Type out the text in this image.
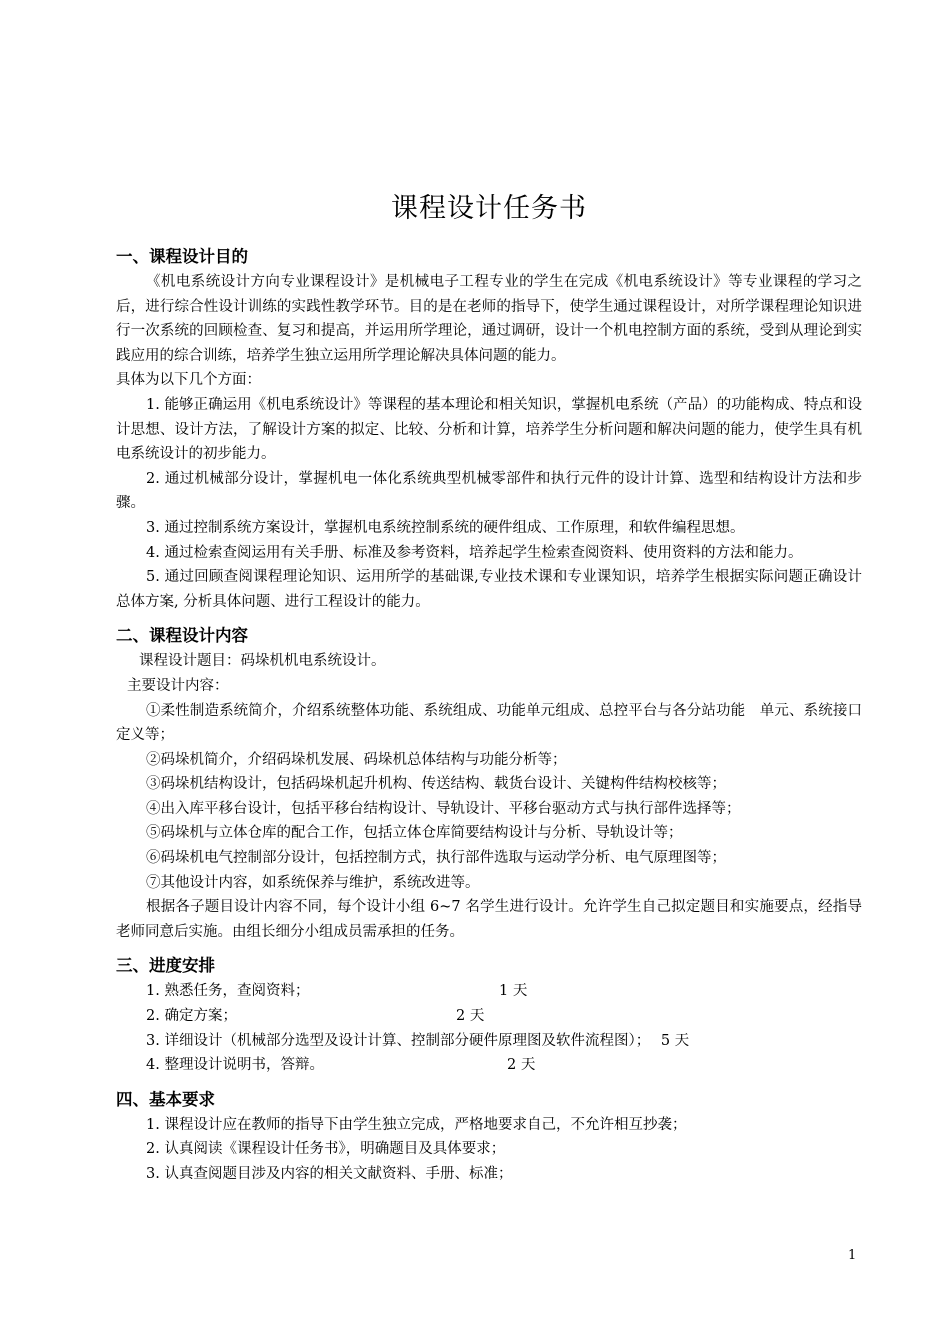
课程设计任务书
一、课程设计目的

《机电系统设计方向专业课程设计》是机械电子工程专业的学生在完成《机电系统设计》等专业课程的学习之后，进行综合性设计训练的实践性教学环节。目的是在老师的指导下，使学生通过课程设计，对所学课程理论知识进行一次系统的回顾检查、复习和提高，并运用所学理论，通过调研，设计一个机电控制方面的系统，受到从理论到实践应用的综合训练，培养学生独立运用所学理论解决具体问题的能力。

具体为以下几个方面：

1. 能够正确运用《机电系统设计》等课程的基本理论和相关知识，掌握机电系统（产品）的功能构成、特点和设计思想、设计方法，了解设计方案的拟定、比较、分析和计算，培养学生分析问题和解决问题的能力，使学生具有机电系统设计的初步能力。

2. 通过机械部分设计，掌握机电一体化系统典型机械零部件和执行元件的设计计算、选型和结构设计方法和步骤。

3. 通过控制系统方案设计，掌握机电系统控制系统的硬件组成、工作原理，和软件编程思想。

4. 通过检索查阅运用有关手册、标准及参考资料，培养起学生检索查阅资料、使用资料的方法和能力。

5. 通过回顾查阅课程理论知识、运用所学的基础课,专业技术课和专业课知识，培养学生根据实际问题正确设计总体方案, 分析具体问题、进行工程设计的能力。

二、课程设计内容

课程设计题目：码垛机机电系统设计。

主要设计内容：

①柔性制造系统简介，介绍系统整体功能、系统组成、功能单元组成、总控平台与各分站功能　单元、系统接口定义等；

②码垛机简介，介绍码垛机发展、码垛机总体结构与功能分析等；

③码垛机结构设计，包括码垛机起升机构、传送结构、载货台设计、关键构件结构校核等；

④出入库平移台设计，包括平移台结构设计、导轨设计、平移台驱动方式与执行部件选择等；

⑤码垛机与立体仓库的配合工作，包括立体仓库简要结构设计与分析、导轨设计等；

⑥码垛机电气控制部分设计，包括控制方式，执行部件选取与运动学分析、电气原理图等；

⑦其他设计内容，如系统保养与维护，系统改进等。

根据各子题目设计内容不同，每个设计小组 6~7 名学生进行设计。允许学生自己拟定题目和实施要点，经指导老师同意后实施。由组长细分小组成员需承担的任务。

三、进度安排
1. 熟悉任务，查阅资料；	1 天
2. 确定方案；	2 天
3. 详细设计（机械部分选型及设计计算、控制部分硬件原理图及软件流程图）； 5 天
4. 整理设计说明书，答辩。	2 天
四、基本要求

1. 课程设计应在教师的指导下由学生独立完成，严格地要求自己，不允许相互抄袭；

2. 认真阅读《课程设计任务书》，明确题目及具体要求；

3. 认真查阅题目涉及内容的相关文献资料、手册、标准；

1
